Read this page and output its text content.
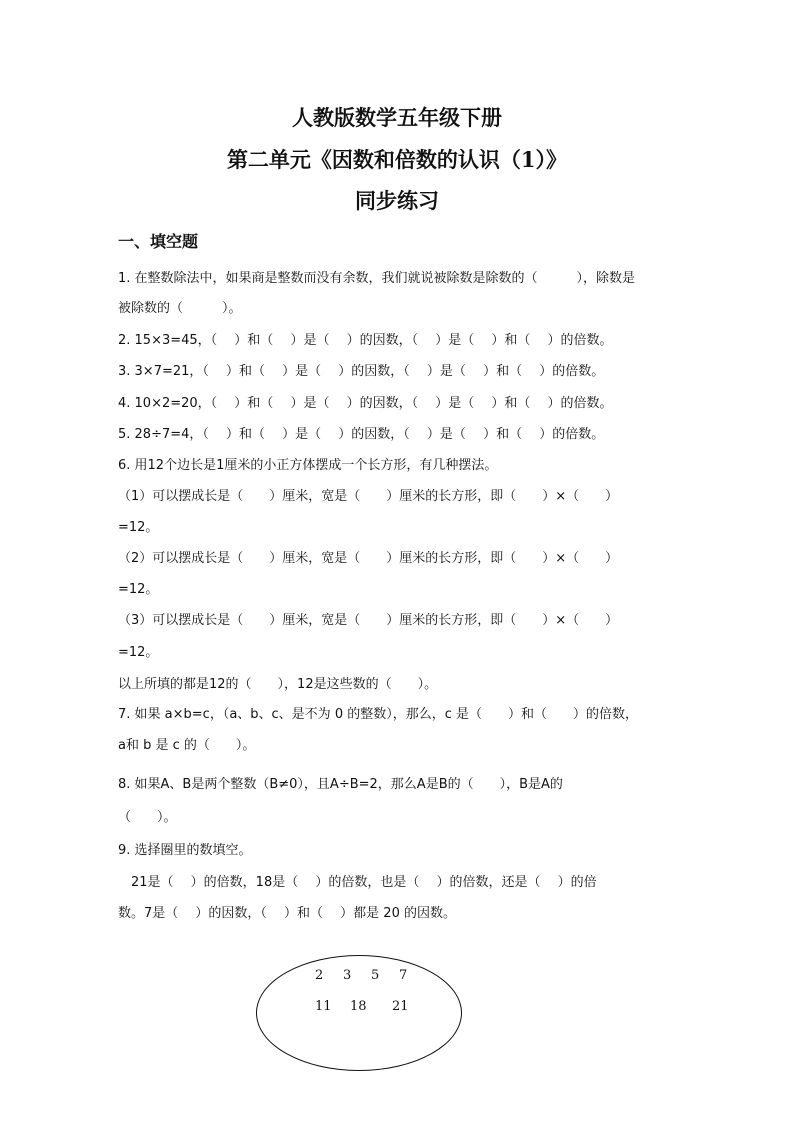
人教版数学五年级下册
第二单元《因数和倍数的认识（1）》
同步练习
一、填空题
1. 在整数除法中，如果商是整数而没有余数，我们就说被除数是除数的（　　　），除数是
被除数的（　　　）。
2. 15×3=45，（　 ）和（　 ）是（　 ）的因数，（　 ）是（　 ）和（　 ）的倍数。
3. 3×7=21，（　 ）和（　 ）是（　 ）的因数，（　 ）是（　 ）和（　 ）的倍数。
4. 10×2=20，（　 ）和（　 ）是（　 ）的因数，（　 ）是（　 ）和（　 ）的倍数。
5. 28÷7=4，（　 ）和（　 ）是（　 ）的因数，（　 ）是（　 ）和（　 ）的倍数。
6. 用12个边长是1厘米的小正方体摆成一个长方形，有几种摆法。
（1）可以摆成长是（　　）厘米，宽是（　　）厘米的长方形，即（　　）×（　　）
=12。
（2）可以摆成长是（　　）厘米，宽是（　　）厘米的长方形，即（　　）×（　　）
=12。
（3）可以摆成长是（　　）厘米，宽是（　　）厘米的长方形，即（　　）×（　　）
=12。
以上所填的都是12的（　　），12是这些数的（　　）。
7. 如果 a×b=c，（a、b、c、是不为 0 的整数），那么，c 是（　　）和（　　）的倍数，
a和 b 是 c 的（　　）。
8. 如果A、B是两个整数（B≠0），且A÷B=2，那么A是B的（　　），B是A的
（　　）。
9. 选择圈里的数填空。
　21是（　 ）的倍数，18是（　 ）的倍数，也是（　 ）的倍数，还是（　 ）的倍
数。7是（　 ）的因数，（　 ）和（　 ）都是 20 的因数。
2 3 5 7
11 18 21
